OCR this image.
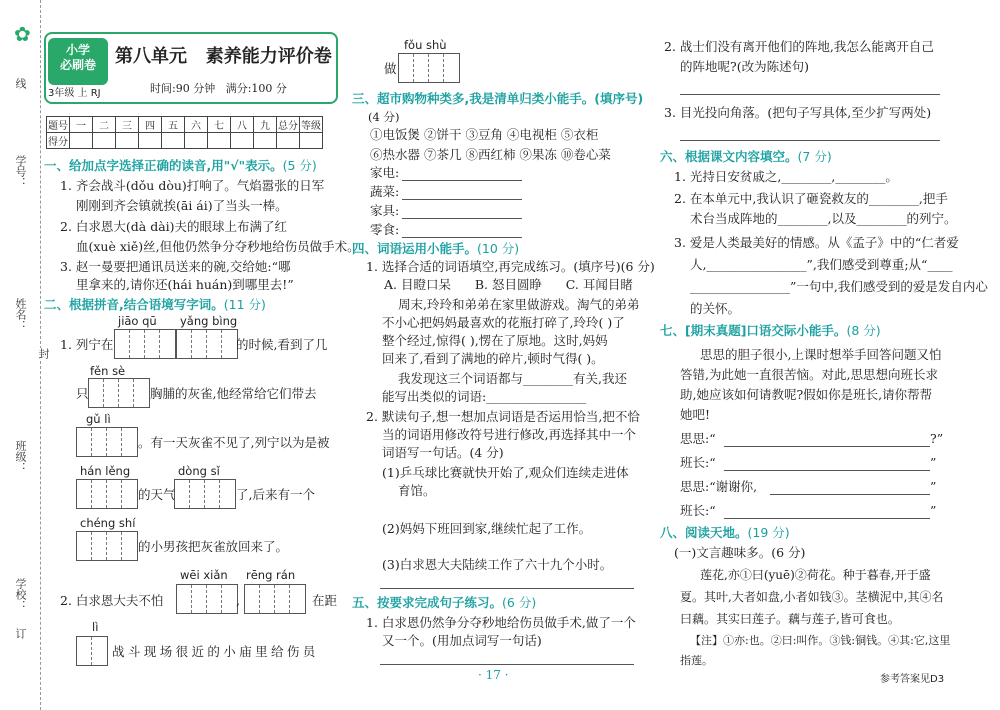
线
学号：
姓名：
封
班级：
学校：
订
✿
小学
必刷卷
3年级 上 RJ
第八单元   素养能力评价卷
时间:90 分钟   满分:100 分
题号	一	二	三	四	五	六	七	八	九	总分	等级
得分											
一、给加点字选择正确的读音,用"√"表示。(5 分)
1. 齐会战斗(dǒu dòu)打响了。气焰嚣张的日军
刚刚到齐会镇就挨(āi ái)了当头一棒。
2. 白求恩大(dà dài)夫的眼球上布满了红
血(xuè xiě)丝,但他仍然争分夺秒地给伤员做手术。
3. 赵一曼要把通讯员送来的碗,交给她:“哪
里拿来的,请你还(hái huán)到哪里去!”
二、根据拼音,结合语境写字词。(11 分)
jiāo qū yǎng bìng
1. 列宁在	的时候,看到了几
fěn sè
只	胸脯的灰雀,他经常给它们带去
gǔ lì
。有一天灰雀不见了,列宁以为是被
hán lěng	dòng sǐ
的天气	了,后来有一个
chéng shí
的小男孩把灰雀放回来了。
wēi xiǎn rēng rán
2. 白求恩大夫不怕	,	在距
lì
战斗现场很近的小庙里给伤员
fǒu shù
做
三、超市购物种类多,我是清单归类小能手。(填序号)
(4 分)
①电饭煲 ②饼干 ③豆角 ④电视柜 ⑤衣柜
⑥热水器 ⑦茶几 ⑧西红柿 ⑨果冻 ⑩卷心菜
家电:
蔬菜:
家具:
零食:
四、词语运用小能手。(10 分)
1. 选择合适的词语填空,再完成练习。(填序号)(6 分)
A. 目瞪口呆      B. 怒目圆睁      C. 耳闻目睹
周末,玲玲和弟弟在家里做游戏。淘气的弟弟
不小心把妈妈最喜欢的花瓶打碎了,玲玲( )了
整个经过,惊得( ),愣在了原地。这时,妈妈
回来了,看到了满地的碎片,顿时气得( )。
我发现这三个词语都与________有关,我还
能写出类似的词语:________________
2. 默读句子,想一想加点词语是否运用恰当,把不恰
当的词语用修改符号进行修改,再选择其中一个
词语写一句话。(4 分)
(1)乒乓球比赛就快开始了,观众们连续走进体
育馆。
(2)妈妈下班回到家,继续忙起了工作。
(3)白求恩大夫陆续工作了六十九个小时。
五、按要求完成句子练习。(6 分)
1. 白求恩仍然争分夺秒地给伤员做手术,做了一个
又一个。(用加点词写一句话)
· 17 ·
2. 战士们没有离开他们的阵地,我怎么能离开自己
的阵地呢?(改为陈述句)
3. 目光投向角落。(把句子写具体,至少扩写两处)
六、根据课文内容填空。(7 分)
1. 光持日安贫戚之,________,________。
2. 在本单元中,我认识了砸瓷救友的________,把手
术台当成阵地的________,以及________的列宁。
3. 爱是人类最美好的情感。从《孟子》中的“仁者爱
人,________________”,我们感受到尊重;从“____
________________”一句中,我们感受到的爱是发自内心
的关怀。
七、[期末真题]口语交际小能手。(8 分)
思思的胆子很小,上课时想举手回答问题又怕
答错,为此她一直很苦恼。对此,思思想向班长求
助,她应该如何请教呢?假如你是班长,请你帮帮
她吧!
思思:“	?”
班长:“	”
思思:“谢谢你,	”
班长:“	”
八、阅读天地。(19 分)
(一)文言趣味多。(6 分)
莲花,亦①曰(yuē)②荷花。种于暮春,开于盛
夏。其叶,大者如盘,小者如钱③。茎横泥中,其④名
曰藕。其实曰莲子。藕与莲子,皆可食也。
【注】①亦:也。②曰:叫作。③钱:铜钱。④其:它,这里
指莲。
参考答案见D3
